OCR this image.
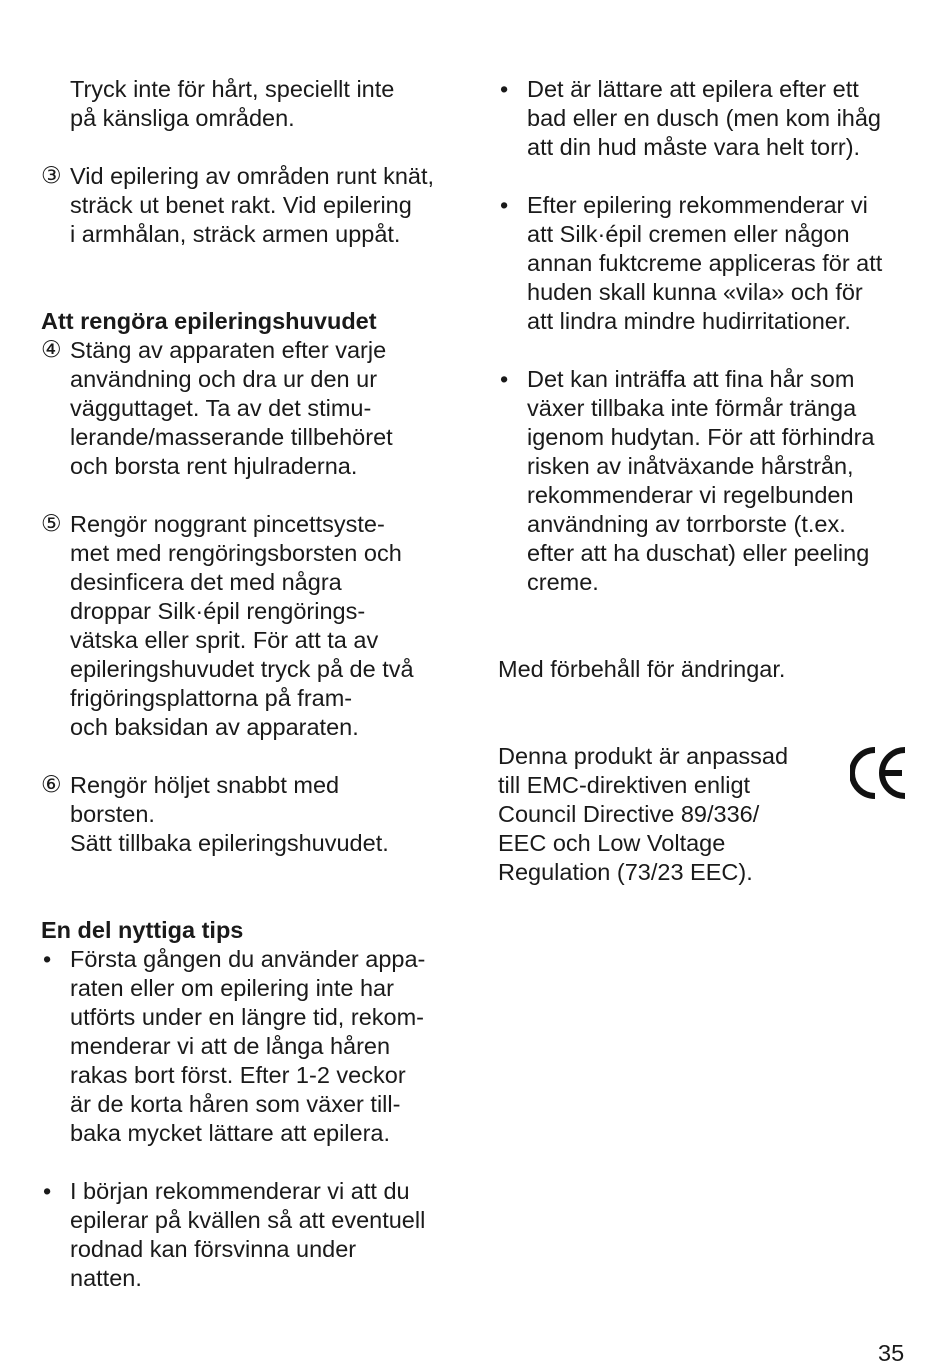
Tryck inte för hårt, speciellt inte
på känsliga områden.
③ Vid epilering av områden runt knät,
sträck ut benet rakt. Vid epilering
i armhålan, sträck armen uppåt.
Att rengöra epileringshuvudet
④ Stäng av apparaten efter varje
användning och dra ur den ur
vägguttaget. Ta av det stimu-
lerande/masserande tillbehöret
och borsta rent hjulraderna.
⑤ Rengör noggrant pincettsyste-
met med rengöringsborsten och
desinficera det med några
droppar Silk·épil rengörings-
vätska eller sprit. För att ta av
epileringshuvudet tryck på de två
frigöringsplattorna på fram-
och baksidan av apparaten.
⑥ Rengör höljet snabbt med
borsten.
Sätt tillbaka epileringshuvudet.
En del nyttiga tips
• Första gången du använder appa-
raten eller om epilering inte har
utförts under en längre tid, rekom-
menderar vi att de långa håren
rakas bort först. Efter 1-2 veckor
är de korta håren som växer till-
baka mycket lättare att epilera.
• I början rekommenderar vi att du
epilerar på kvällen så att eventuell
rodnad kan försvinna under
natten.
• Det är lättare att epilera efter ett
bad eller en dusch (men kom ihåg
att din hud måste vara helt torr).
• Efter epilering rekommenderar vi
att Silk·épil cremen eller någon
annan fuktcreme appliceras för att
huden skall kunna «vila» och för
att lindra mindre hudirritationer.
• Det kan inträffa att fina hår som
växer tillbaka inte förmår tränga
igenom hudytan. För att förhindra
risken av inåtväxande hårstrån,
rekommenderar vi regelbunden
användning av torrborste (t.ex.
efter att ha duschat) eller peeling
creme.
Med förbehåll för ändringar.
Denna produkt är anpassad
till EMC-direktiven enligt
Council Directive 89/336/
EEC och Low Voltage
Regulation (73/23 EEC).
35
